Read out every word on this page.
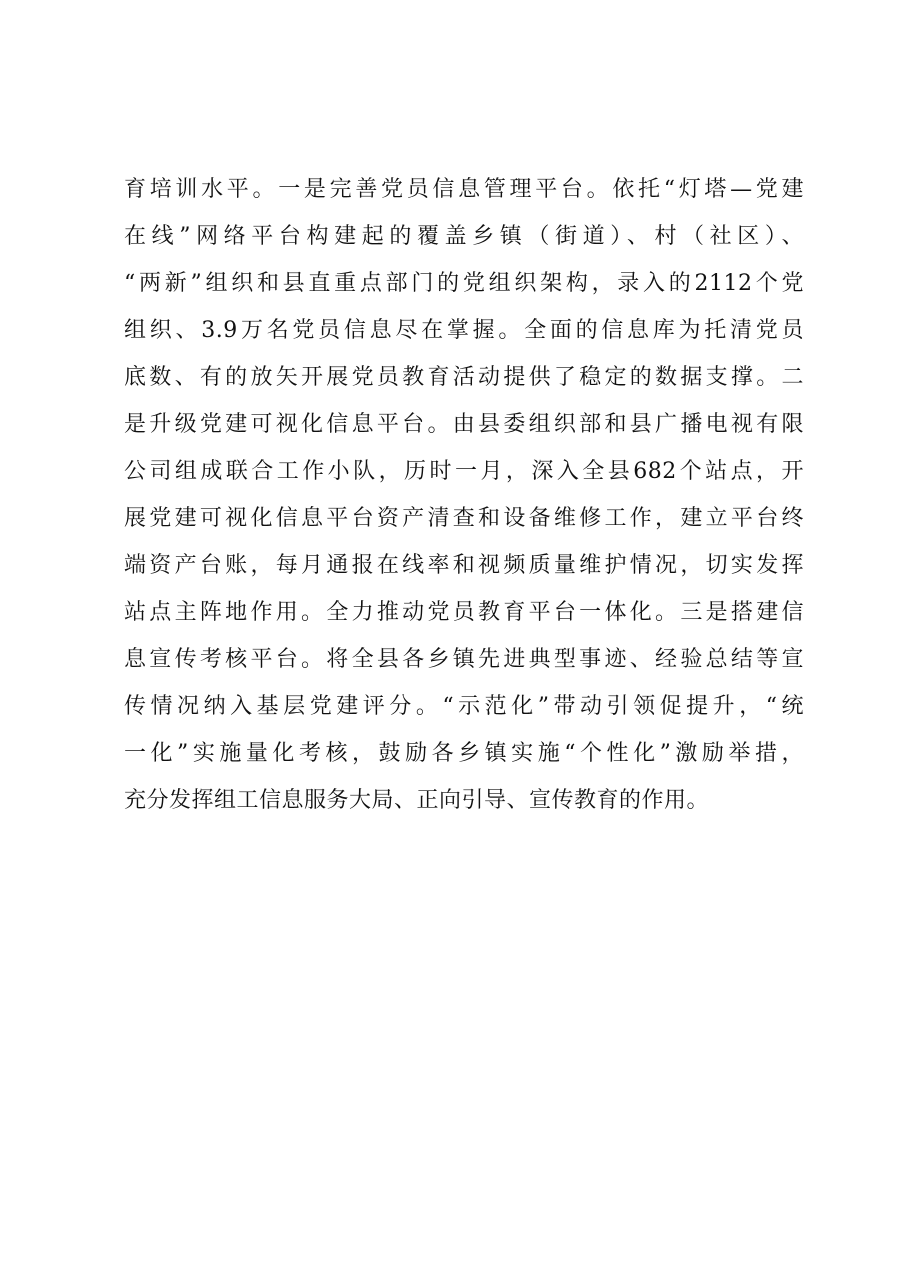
育培训水平。一是完善党员信息管理平台。依托“灯塔—党建
在线”网络平台构建起的覆盖乡镇（街道）、村（社区）、
“两新”组织和县直重点部门的党组织架构，录入的2112个党
组织、3.9万名党员信息尽在掌握。全面的信息库为托清党员
底数、有的放矢开展党员教育活动提供了稳定的数据支撑。二
是升级党建可视化信息平台。由县委组织部和县广播电视有限
公司组成联合工作小队，历时一月，深入全县682个站点，开
展党建可视化信息平台资产清查和设备维修工作，建立平台终
端资产台账，每月通报在线率和视频质量维护情况，切实发挥
站点主阵地作用。全力推动党员教育平台一体化。三是搭建信
息宣传考核平台。将全县各乡镇先进典型事迹、经验总结等宣
传情况纳入基层党建评分。“示范化”带动引领促提升，“统
一化”实施量化考核，鼓励各乡镇实施“个性化”激励举措，
充分发挥组工信息服务大局、正向引导、宣传教育的作用。
